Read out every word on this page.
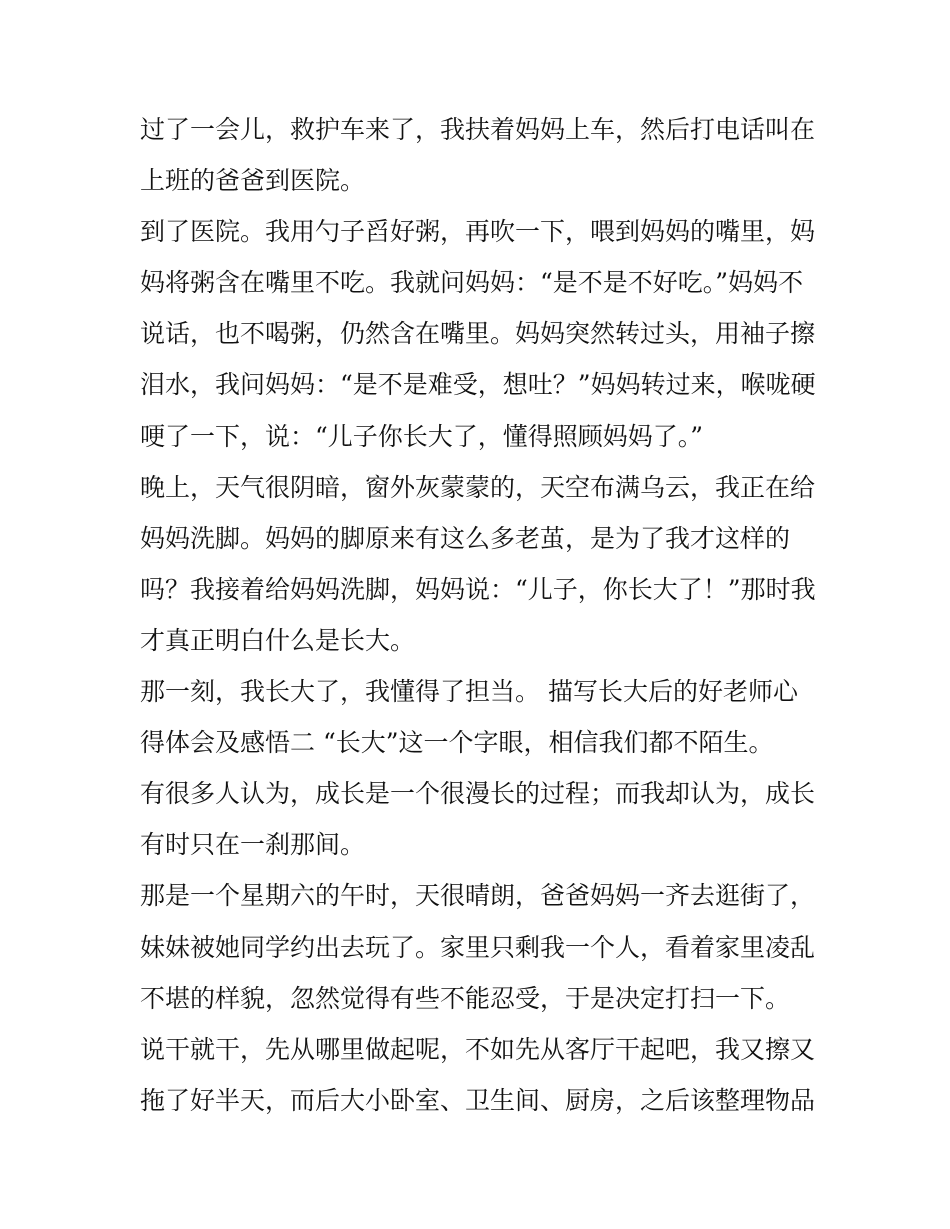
过了一会儿，救护车来了，我扶着妈妈上车，然后打电话叫在
上班的爸爸到医院。
到了医院。我用勺子舀好粥，再吹一下，喂到妈妈的嘴里，妈
妈将粥含在嘴里不吃。我就问妈妈：“是不是不好吃。”妈妈不
说话，也不喝粥，仍然含在嘴里。妈妈突然转过头，用袖子擦
泪水，我问妈妈：“是不是难受，想吐？”妈妈转过来，喉咙硬
哽了一下，说：“儿子你长大了，懂得照顾妈妈了。”
晚上，天气很阴暗，窗外灰蒙蒙的，天空布满乌云，我正在给
妈妈洗脚。妈妈的脚原来有这么多老茧，是为了我才这样的
吗？我接着给妈妈洗脚，妈妈说：“儿子，你长大了！”那时我
才真正明白什么是长大。
那一刻，我长大了，我懂得了担当。 描写长大后的好老师心
得体会及感悟二 “长大”这一个字眼，相信我们都不陌生。
有很多人认为，成长是一个很漫长的过程；而我却认为，成长
有时只在一刹那间。
那是一个星期六的午时，天很晴朗，爸爸妈妈一齐去逛街了，
妹妹被她同学约出去玩了。家里只剩我一个人，看着家里凌乱
不堪的样貌，忽然觉得有些不能忍受，于是决定打扫一下。
说干就干，先从哪里做起呢，不如先从客厅干起吧，我又擦又
拖了好半天，而后大小卧室、卫生间、厨房，之后该整理物品
